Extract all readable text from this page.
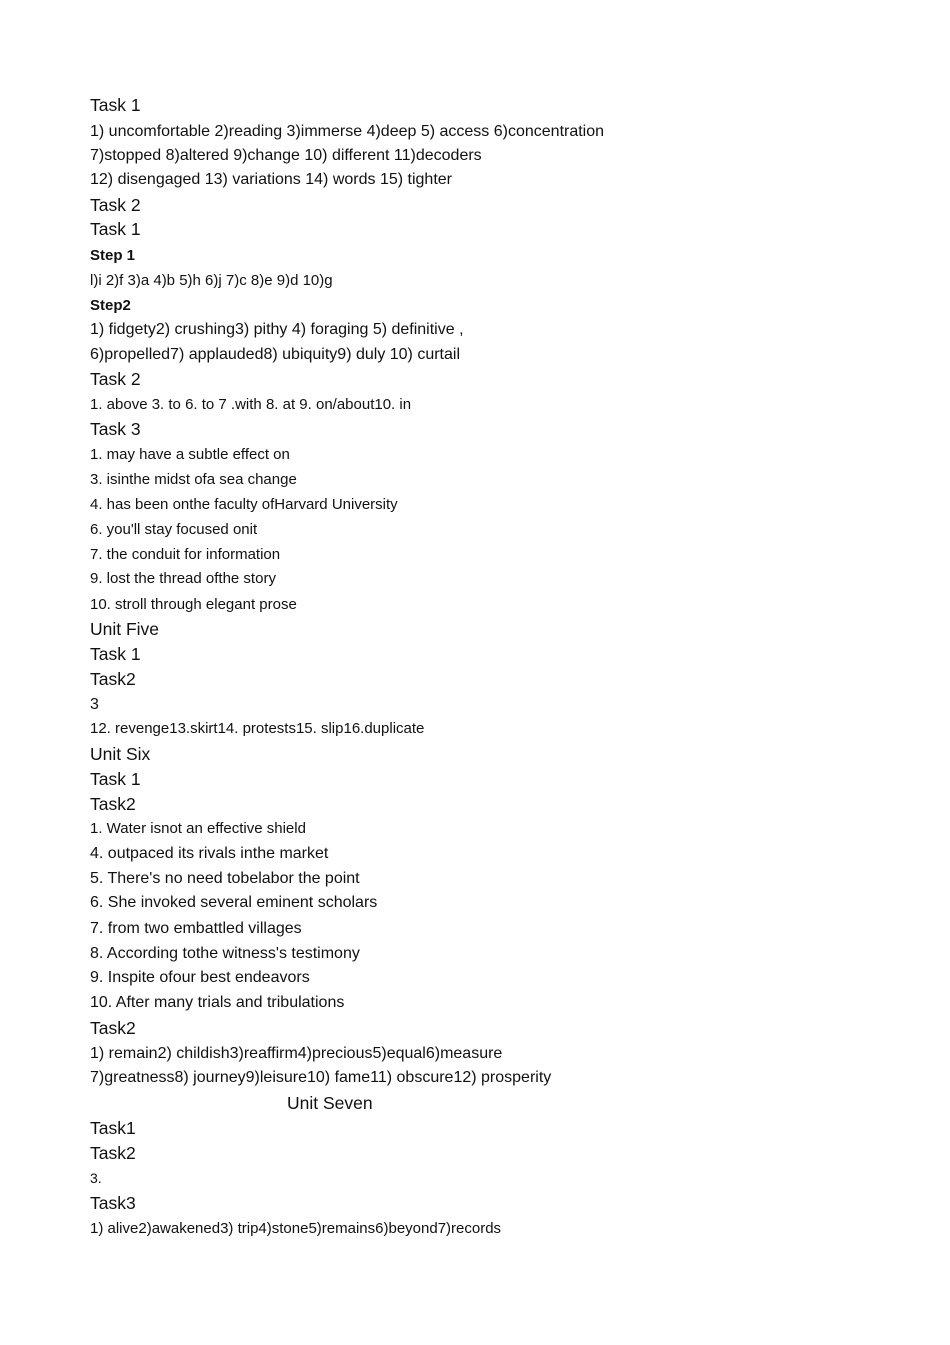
Task 1
1) uncomfortable 2)reading 3)immerse 4)deep 5) access 6)concentration
7)stopped 8)altered 9)change 10) different 11)decoders
12) disengaged 13) variations 14) words 15) tighter
Task 2
Task 1
Step 1
l)i 2)f 3)a 4)b 5)h 6)j 7)c 8)e 9)d 10)g
Step2
1) fidgety2) crushing3) pithy 4) foraging 5) definitive ,
6)propelled7) applauded8) ubiquity9) duly 10) curtail
Task 2
1. above 3. to 6. to 7 .with 8. at 9. on/about10. in
Task 3
1. may have a subtle effect on
3. isinthe midst ofa sea change
4. has been onthe faculty ofHarvard University
6. you'll stay focused onit
7. the conduit for information
9. lost the thread ofthe story
10. stroll through elegant prose
Unit Five
Task 1
Task2
3
12. revenge13.skirt14. protests15. slip16.duplicate
Unit Six
Task 1
Task2
1. Water isnot an effective shield
4. outpaced its rivals inthe market
5. There's no need tobelabor the point
6. She invoked several eminent scholars
7. from two embattled villages
8. According tothe witness's testimony
9. Inspite ofour best endeavors
10. After many trials and tribulations
Task2
1) remain2) childish3)reaffirm4)precious5)equal6)measure
7)greatness8) journey9)leisure10) fame11) obscure12) prosperity
Unit Seven
Task1
Task2
3.
Task3
1) alive2)awakened3) trip4)stone5)remains6)beyond7)records
